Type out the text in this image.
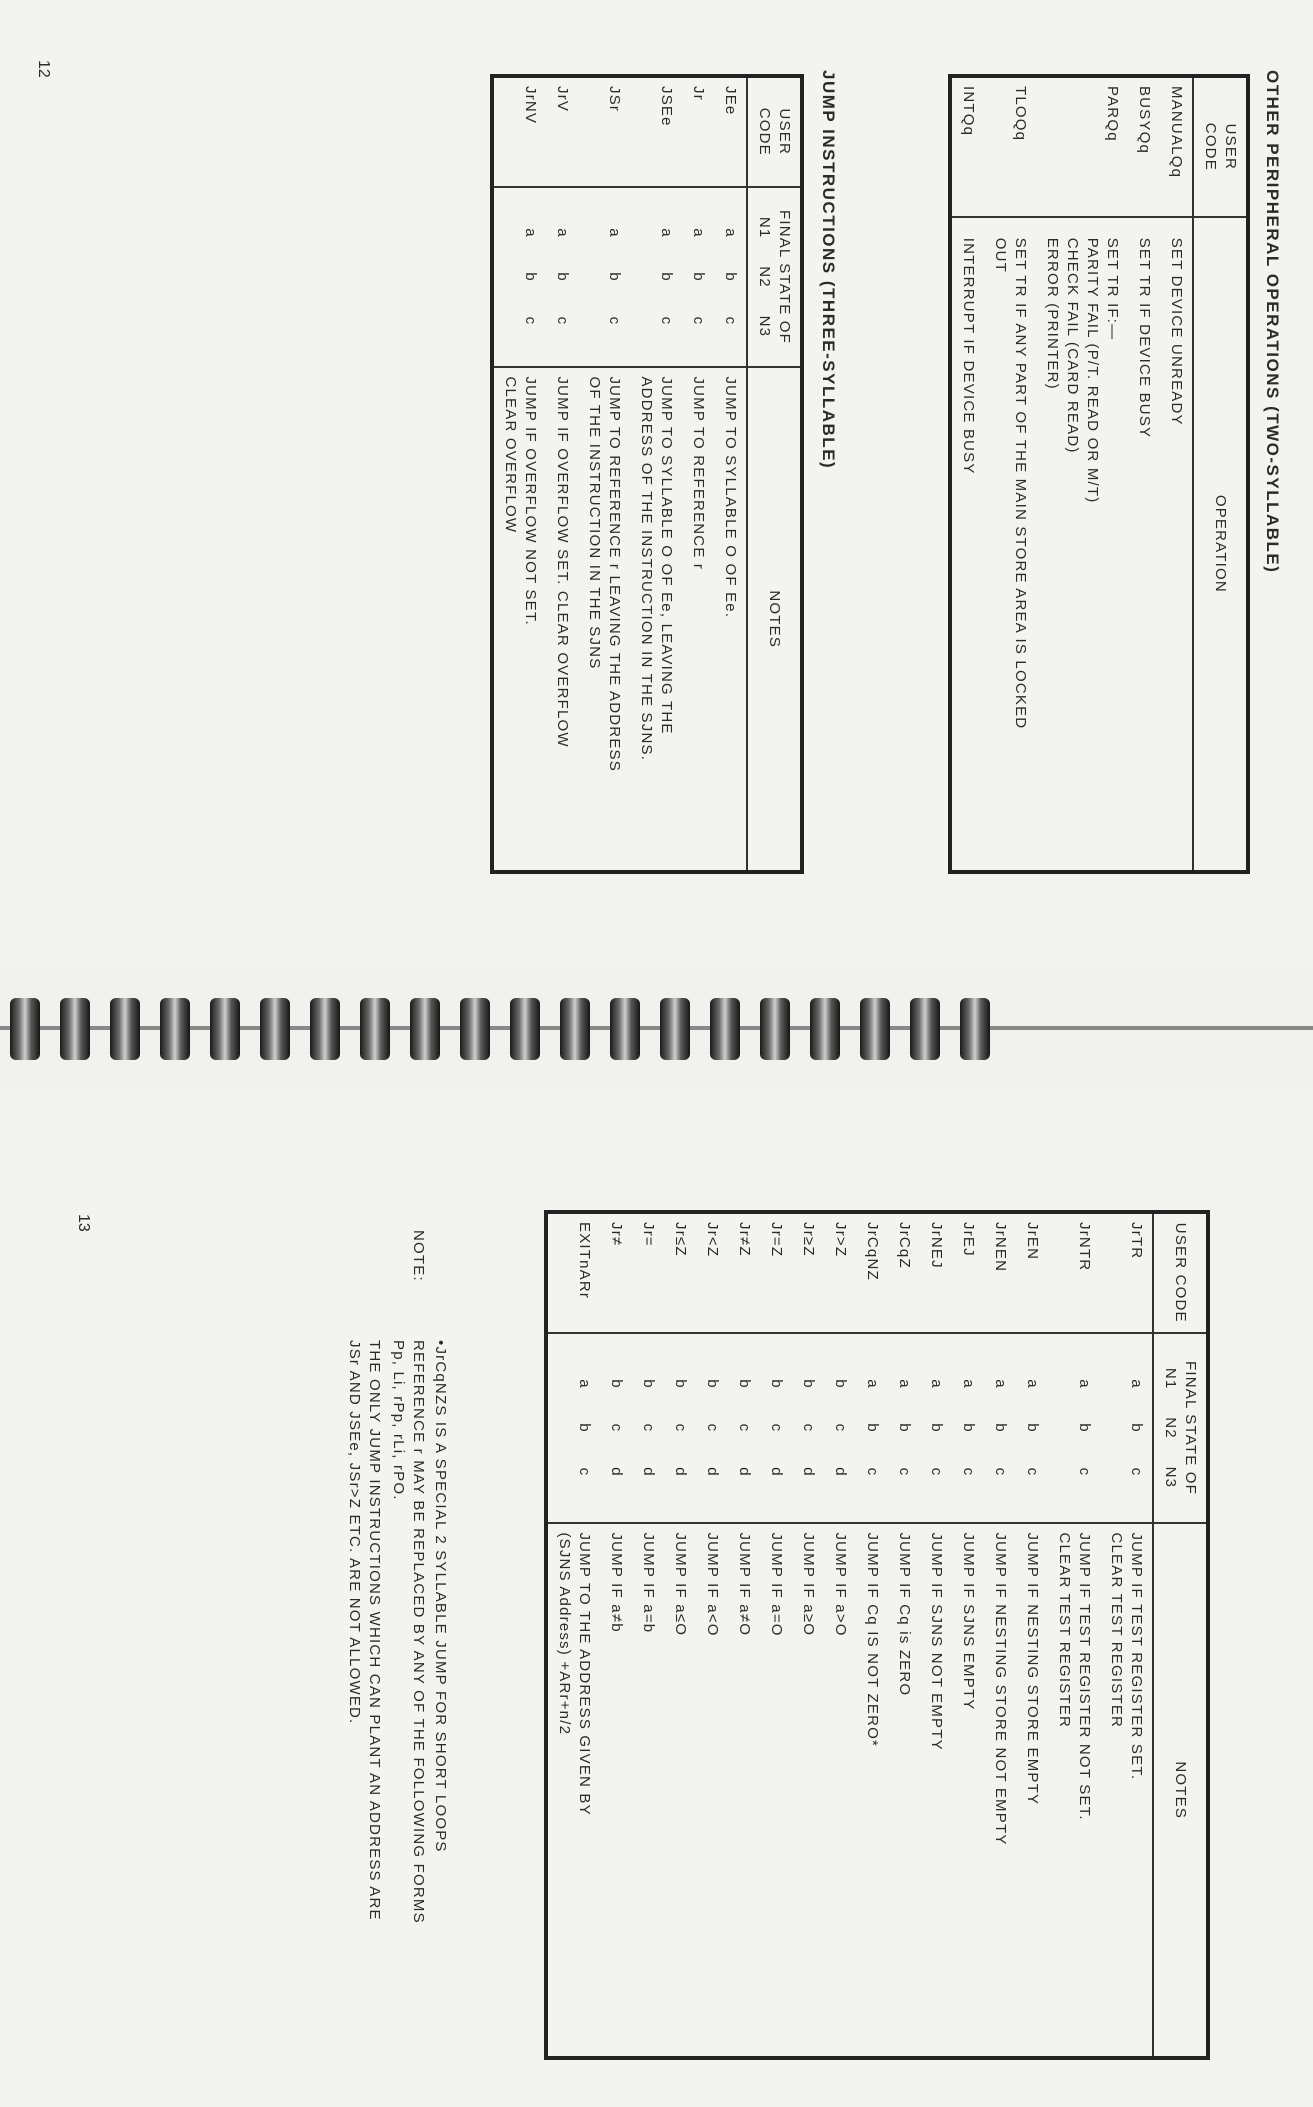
OTHER PERIPHERAL OPERATIONS (TWO-SYLLABLE)
USER
CODE	OPERATION
MANUALQq	SET DEVICE UNREADY
BUSYQq	SET TR IF DEVICE BUSY
PARQq	SET TR IF:—
PARITY FAIL (P/T. READ OR M/T)
CHECK FAIL (CARD READ)
ERROR (PRINTER)
TLOQq	SET TR IF ANY PART OF THE MAIN STORE AREA IS LOCKED
OUT
INTQq	INTERRUPT IF DEVICE BUSY
JUMP INSTRUCTIONS (THREE-SYLLABLE)
USER CODE	FINAL STATE OF
N1 N2 N3	NOTES
JEe	abc	JUMP TO SYLLABLE O OF Ee.
Jr	abc	JUMP TO REFERENCE r
JSEe	abc	JUMP TO SYLLABLE O OF Ee, LEAVING THE
ADDRESS OF THE INSTRUCTION IN THE SJNS.
JSr	abc	JUMP TO REFERENCE r LEAVING THE ADDRESS
OF THE INSTRUCTION IN THE SJNS
JrV	abc	JUMP IF OVERFLOW SET. CLEAR OVERFLOW
JrNV	abc	JUMP IF OVERFLOW NOT SET.
CLEAR OVERFLOW
12
USER CODE	FINAL STATE OF
N1 N2 N3	NOTES
JrTR	abc	JUMP IF TEST REGISTER SET.
CLEAR TEST REGISTER
JrNTR	abc	JUMP IF TEST REGISTER NOT SET.
CLEAR TEST REGISTER
JrEN	abc	JUMP IF NESTING STORE EMPTY
JrNEN	abc	JUMP IF NESTING STORE NOT EMPTY
JrEJ	abc	JUMP IF SJNS EMPTY
JrNEJ	abc	JUMP IF SJNS NOT EMPTY
JrCqZ	abc	JUMP IF Cq is ZERO
JrCqNZ	abc	JUMP IF Cq IS NOT ZERO*
Jr>Z	bcd	JUMP IF a>O
Jr≥Z	bcd	JUMP IF a≥O
Jr=Z	bcd	JUMP IF a=O
Jr≠Z	bcd	JUMP IF a≠O
Jr<Z	bcd	JUMP IF a<O
Jr≤Z	bcd	JUMP IF a≤O
Jr=	bcd	JUMP IF a=b
Jr≠	bcd	JUMP IF a≠b
EXITnARr	abc	JUMP TO THE ADDRESS GIVEN BY
(SJNS Address) +ARr+n/2
•JrCqNZS IS A SPECIAL 2 SYLLABLE JUMP FOR SHORT LOOPS
NOTE:
REFERENCE r MAY BE REPLACED BY ANY OF THE FOLLOWING FORMS
Pp, Li, rPp, rLi, rPO.
THE ONLY JUMP INSTRUCTIONS WHICH CAN PLANT AN ADDRESS ARE
JSr AND JSEe, JSr>Z ETC. ARE NOT ALLOWED.
13
